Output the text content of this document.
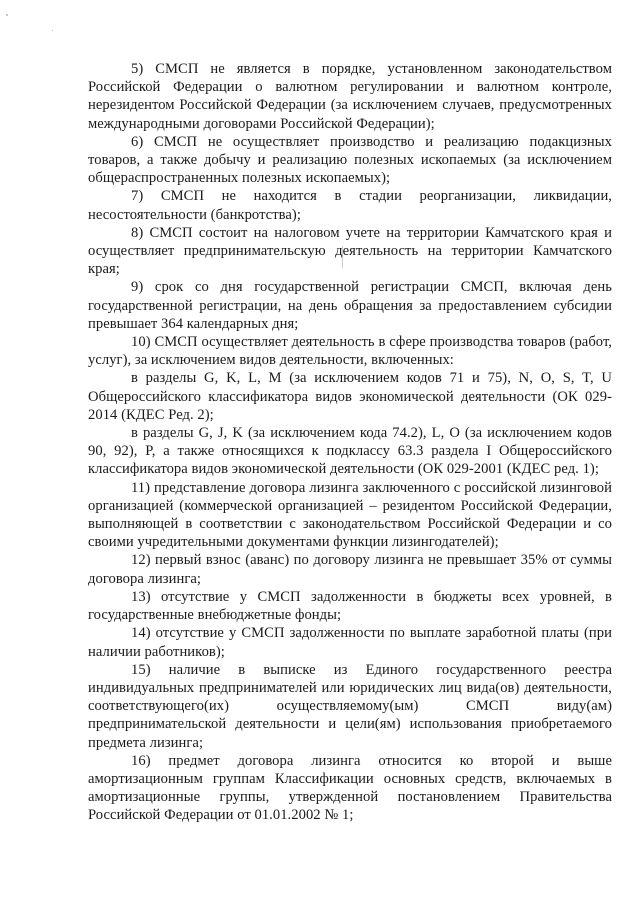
5) СМСП не является в порядке, установленном законодательством Российской Федерации о валютном регулировании и валютном контроле, нерезидентом Российской Федерации (за исключением случаев, предусмотренных международными договорами Российской Федерации);

6) СМСП не осуществляет производство и реализацию подакцизных товаров, а также добычу и реализацию полезных ископаемых (за исключением общераспространенных полезных ископаемых);

7) СМСП не находится в стадии реорганизации, ликвидации, несостоятельности (банкротства);

8) СМСП состоит на налоговом учете на территории Камчатского края и осуществляет предпринимательскую деятельность на территории Камчатского края;

9) срок со дня государственной регистрации СМСП, включая день государственной регистрации, на день обращения за предоставлением субсидии превышает 364 календарных дня;

10) СМСП осуществляет деятельность в сфере производства товаров (работ, услуг), за исключением видов деятельности, включенных:

в разделы G, K, L, M (за исключением кодов 71 и 75), N, O, S, T, U Общероссийского классификатора видов экономической деятельности (ОК 029-2014 (КДЕС Ред. 2);

в разделы G, J, K (за исключением кода 74.2), L, O (за исключением кодов 90, 92), P, а также относящихся к подклассу 63.3 раздела I Общероссийского классификатора видов экономической деятельности (ОК 029-2001 (КДЕС ред. 1);

11) представление договора лизинга заключенного с российской лизинговой организацией (коммерческой организацией – резидентом Российской Федерации, выполняющей в соответствии с законодательством Российской Федерации и со своими учредительными документами функции лизингодателей);

12) первый взнос (аванс) по договору лизинга не превышает 35% от суммы договора лизинга;

13) отсутствие у СМСП задолженности в бюджеты всех уровней, в государственные внебюджетные фонды;

14) отсутствие у СМСП задолженности по выплате заработной платы (при наличии работников);

15) наличие в выписке из Единого государственного реестра индивидуальных предпринимателей или юридических лиц вида(ов) деятельности, соответствующего(их) осуществляемому(ым) СМСП виду(ам) предпринимательской деятельности и цели(ям) использования приобретаемого предмета лизинга;

16) предмет договора лизинга относится ко второй и выше амортизационным группам Классификации основных средств, включаемых в амортизационные группы, утвержденной постановлением Правительства Российской Федерации от 01.01.2002 № 1;
